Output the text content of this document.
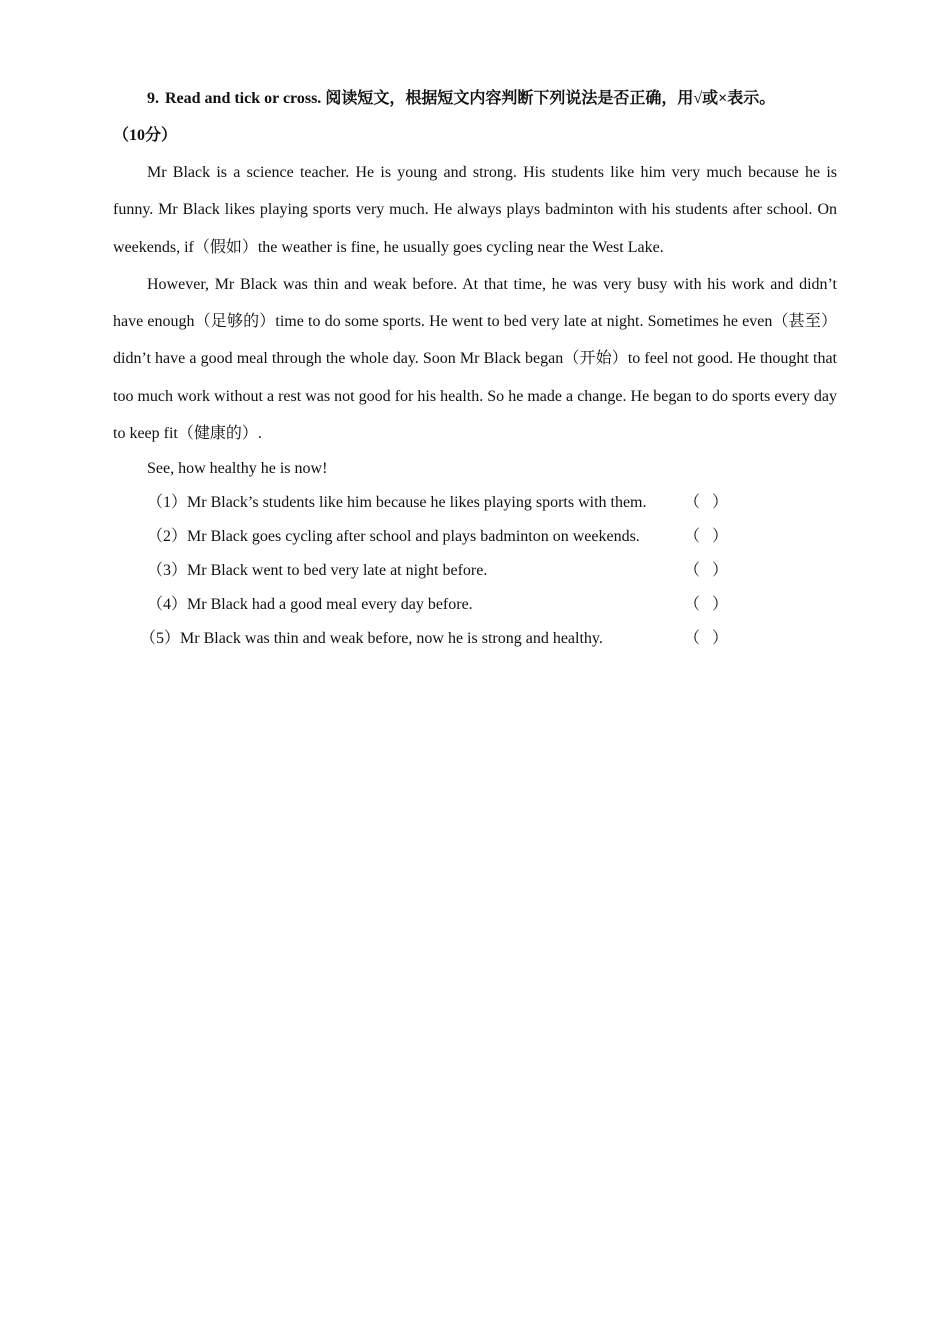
9. Read and tick or cross. 阅读短文，根据短文内容判断下列说法是否正确，用√或×表示。

（10分）

Mr Black is a science teacher. He is young and strong. His students like him very much because he is funny. Mr Black likes playing sports very much. He always plays badminton with his students after school. On weekends, if（假如）the weather is fine, he usually goes cycling near the West Lake.

However, Mr Black was thin and weak before. At that time, he was very busy with his work and didn’t have enough（足够的）time to do some sports. He went to bed very late at night. Sometimes he even（甚至）didn’t have a good meal through the whole day. Soon Mr Black began（开始）to feel not good. He thought that too much work without a rest was not good for his health. So he made a change. He began to do sports every day to keep fit（健康的）.

See, how healthy he is now!

（1）Mr Black’s students like him because he likes playing sports with them. （ ）
（2）Mr Black goes cycling after school and plays badminton on weekends.	（ ）
（3）Mr Black went to bed very late at night before.	（ ）
（4）Mr Black had a good meal every day before.	（ ）
（5）Mr Black was thin and weak before, now he is strong and healthy.	（ ）
